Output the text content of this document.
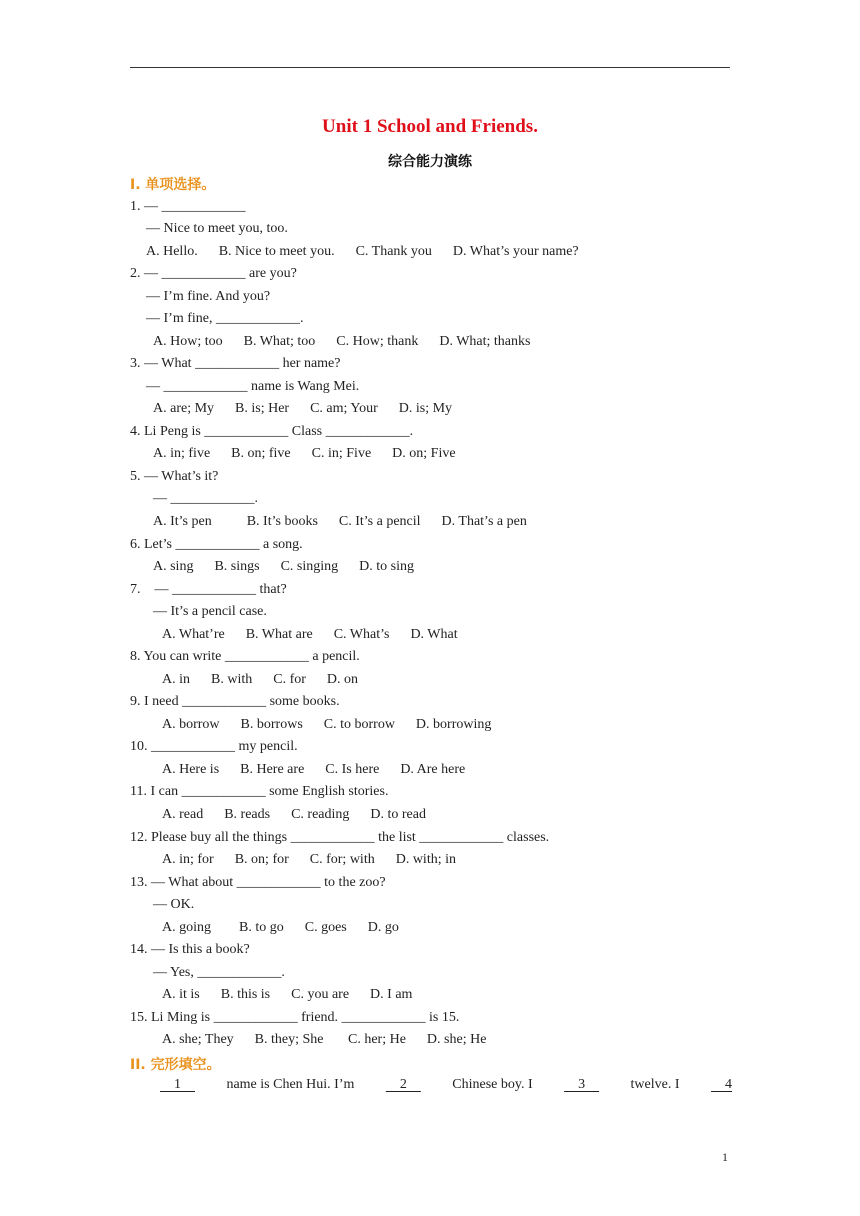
Unit 1 School and Friends.
综合能力演练
I. 单项选择。
1. — ____________
— Nice to meet you, too.
A. Hello.      B. Nice to meet you.      C. Thank you      D. What’s your name?
2. — ____________ are you?
— I’m fine. And you?
— I’m fine, ____________.
A. How; too      B. What; too      C. How; thank      D. What; thanks
3. — What ____________ her name?
— ____________ name is Wang Mei.
A. are; My      B. is; Her      C. am; Your      D. is; My
4. Li Peng is ____________ Class ____________.
A. in; five      B. on; five      C. in; Five      D. on; Five
5. — What’s it?
— ____________.
A. It’s pen          B. It’s books      C. It’s a pencil      D. That’s a pen
6. Let’s ____________ a song.
A. sing      B. sings      C. singing      D. to sing
7.    — ____________ that?
— It’s a pencil case.
A. What’re      B. What are      C. What’s      D. What
8. You can write ____________ a pencil.
A. in      B. with      C. for      D. on
9. I need ____________ some books.
A. borrow      B. borrows      C. to borrow      D. borrowing
10. ____________ my pencil.
A. Here is      B. Here are      C. Is here      D. Are here
11. I can ____________ some English stories.
A. read      B. reads      C. reading      D. to read
12. Please buy all the things ____________ the list ____________ classes.
A. in; for      B. on; for      C. for; with      D. with; in
13. — What about ____________ to the zoo?
— OK.
A. going        B. to go      C. goes      D. go
14. — Is this a book?
— Yes, ____________.
A. it is      B. this is      C. you are      D. I am
15. Li Ming is ____________ friend. ____________ is 15.
A. she; They      B. they; She       C. her; He      D. she; He
II. 完形填空。
1 name is Chen Hui. I’m 2 Chinese boy. I 3 twelve. I 4
1
